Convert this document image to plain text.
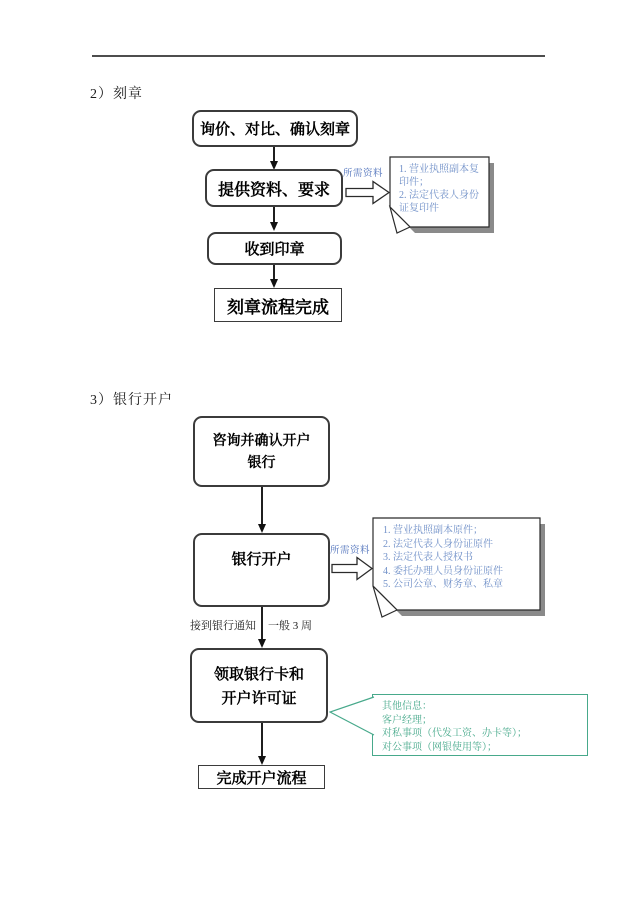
2）刻章
询价、对比、确认刻章
提供资料、要求
所需资料 1. 营业执照副本复印件；
2. 法定代表人身份证复印件
收到印章
刻章流程完成
3）银行开户
咨询并确认开户
银行
银行开户	所需资料
1. 营业执照副本原件；
2. 法定代表人身份证原件
3. 法定代表人授权书
4. 委托办理人员身份证原件
5. 公司公章、财务章、私章
接到银行通知 一般 3 周
领取银行卡和
开户许可证	其他信息：
客户经理；
对私事项（代发工资、办卡等）；
对公事项（网银使用等）；
完成开户流程
